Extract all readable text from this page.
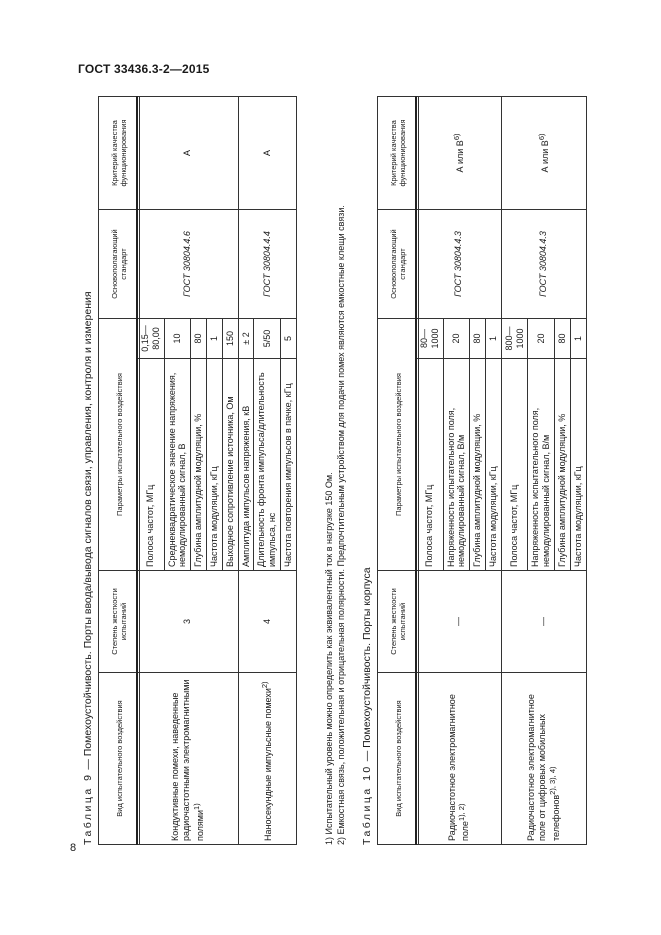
ГОСТ 33436.3-2—2015
8
Таблица 9 — Помехоустойчивость. Порты ввода/вывода сигналов связи, управления, контроля и измерения	Вид испытательного воздействия	Степень жесткости испытаний	Параметры испытательного воздействия	Основополагающий стандарт	Критерий качества функционирования
Кондуктивные помехи, наведенные радиочастотными электромагнитными полями$^{1)}$	3	Полоса частот, МГц	0,15—80,00	ГОСТ 30804.4.6	А
		Среднеквадратическое значение напряжения, немодулированный сигнал, В	10		
		Глубина амплитудной модуляции, %	80		
		Частота модуляции, кГц	1		
		Выходное сопротивление источника, Ом	150		
Наносекундные импульсные помехи$^{2)}$	4	Амплитуда импульсов напряжения, кВ	± 2	ГОСТ 30804.4.4	А
		Длительность фронта импульса/длительность импульса, нс	5/50		
		Частота повторения импульсов в пачке, кГц	5		
1) Испытательный уровень можно определить как эквивалентный ток в нагрузке 150 Ом. 2) Емкостная связь, положительная и отрицательная полярности. Предпочтительным устройством для подачи помех являются емкостные клещи связи. Таблица 10 — Помехоустойчивость. Порты корпуса	Вид испытательного воздействия	Степень жесткости испытаний	Параметры испытательного воздействия	Основополагающий стандарт	Критерий качества функционирования
Радиочастотное электромагнитное поле$^{1), 2)}$	—	Полоса частот, МГц	80—1000	ГОСТ 30804.4.3	А или $В^{6)}$
		Напряженность испытательного поля, немодулированный сигнал, В/м	20		
		Глубина амплитудной модуляции, %	80		
		Частота модуляции, кГц	1		
Радиочастотное электромагнитное поле от цифровых мобильных телефонов$^{2), 3), 4)}$	—	Полоса частот, МГц	800—1000	ГОСТ 30804.4.3	А или $В^{6)}$
		Напряженность испытательного поля, немодулированный сигнал, В/м	20		
		Глубина амплитудной модуляции, %	80		
		Частота модуляции, кГц	1		
